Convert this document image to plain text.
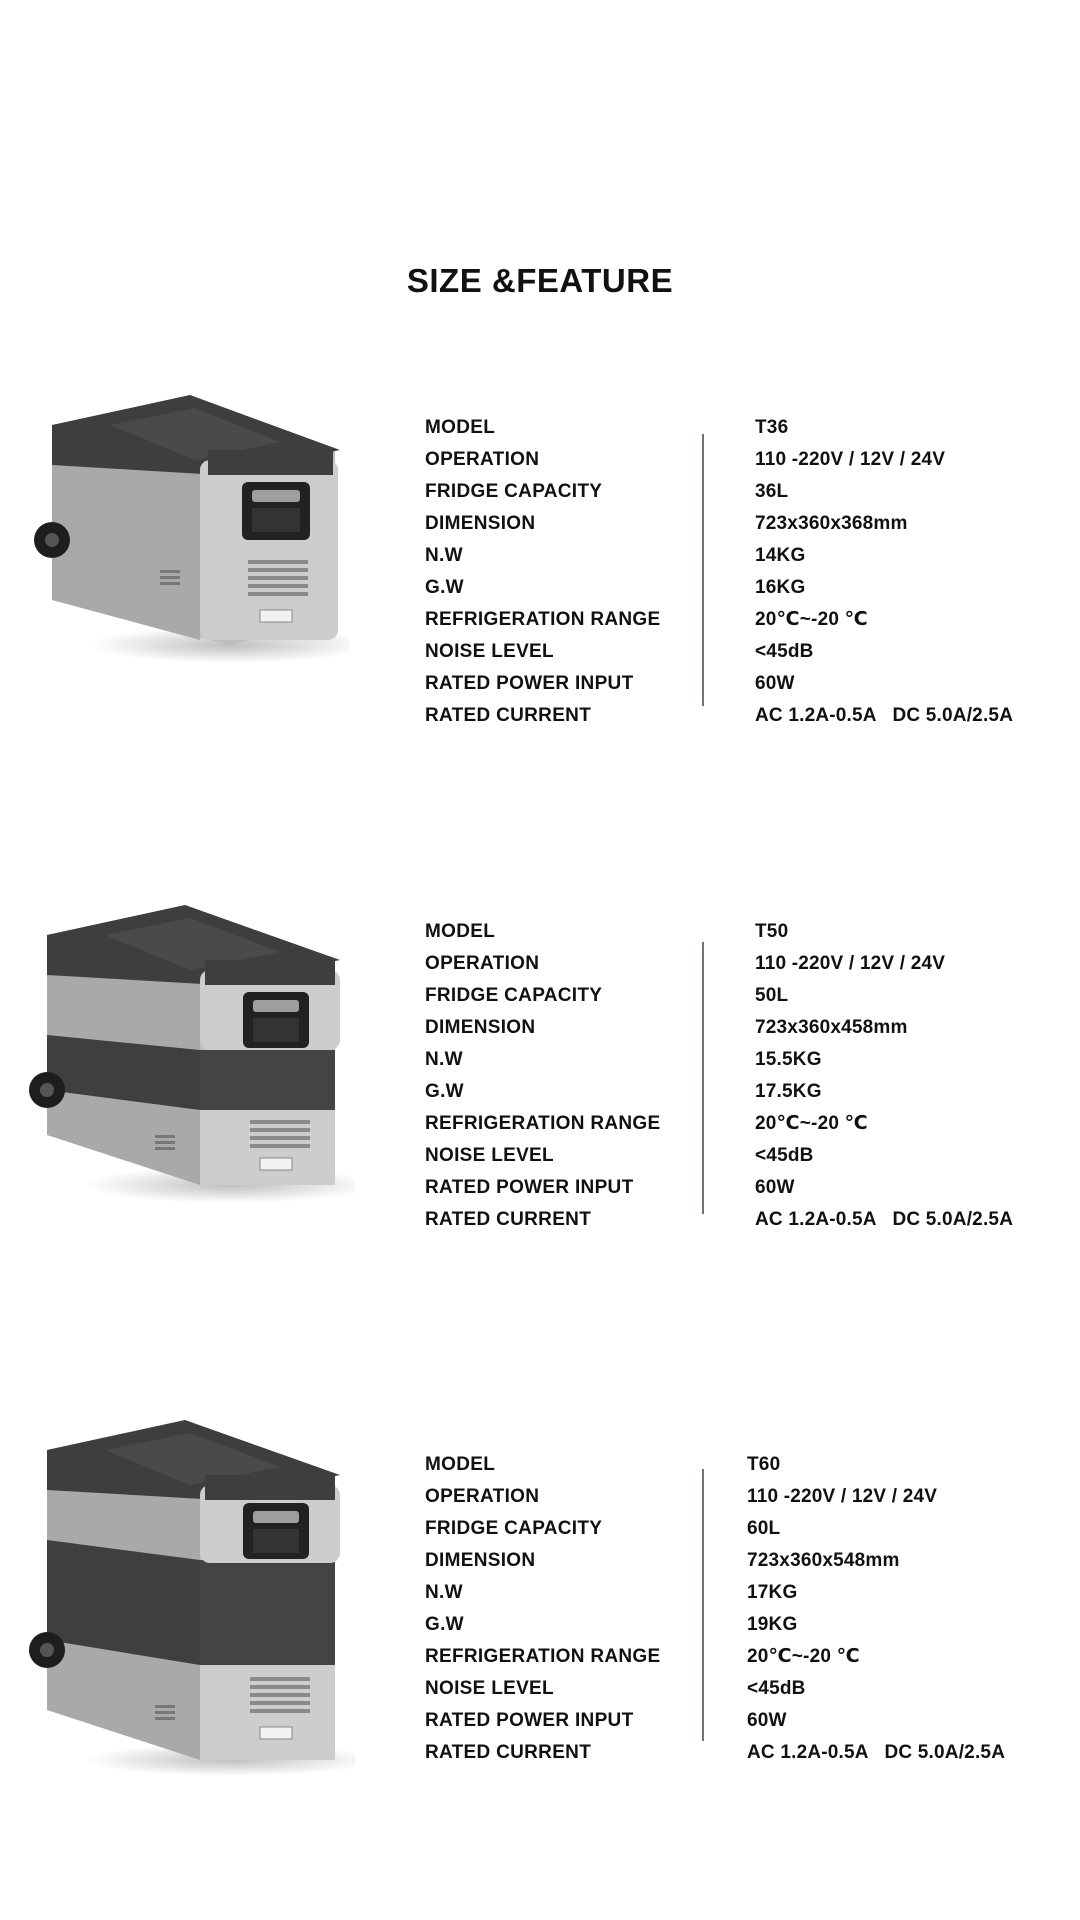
SIZE &FEATURE
MODEL	T36
OPERATION	110 -220V / 12V / 24V
FRIDGE CAPACITY	36L
DIMENSION	723x360x368mm
N.W	14KG
G.W	16KG
REFRIGERATION RANGE	20℃~-20 ℃
NOISE LEVEL	<45dB
RATED POWER INPUT	60W
RATED CURRENT	AC 1.2A-0.5A   DC 5.0A/2.5A
MODEL	T50
OPERATION	110 -220V / 12V / 24V
FRIDGE CAPACITY	50L
DIMENSION	723x360x458mm
N.W	15.5KG
G.W	17.5KG
REFRIGERATION RANGE	20℃~-20 ℃
NOISE LEVEL	<45dB
RATED POWER INPUT	60W
RATED CURRENT	AC 1.2A-0.5A   DC 5.0A/2.5A
MODEL	T60
OPERATION	110 -220V / 12V / 24V
FRIDGE CAPACITY	60L
DIMENSION	723x360x548mm
N.W	17KG
G.W	19KG
REFRIGERATION RANGE	20℃~-20 ℃
NOISE LEVEL	<45dB
RATED POWER INPUT	60W
RATED CURRENT	AC 1.2A-0.5A   DC 5.0A/2.5A
